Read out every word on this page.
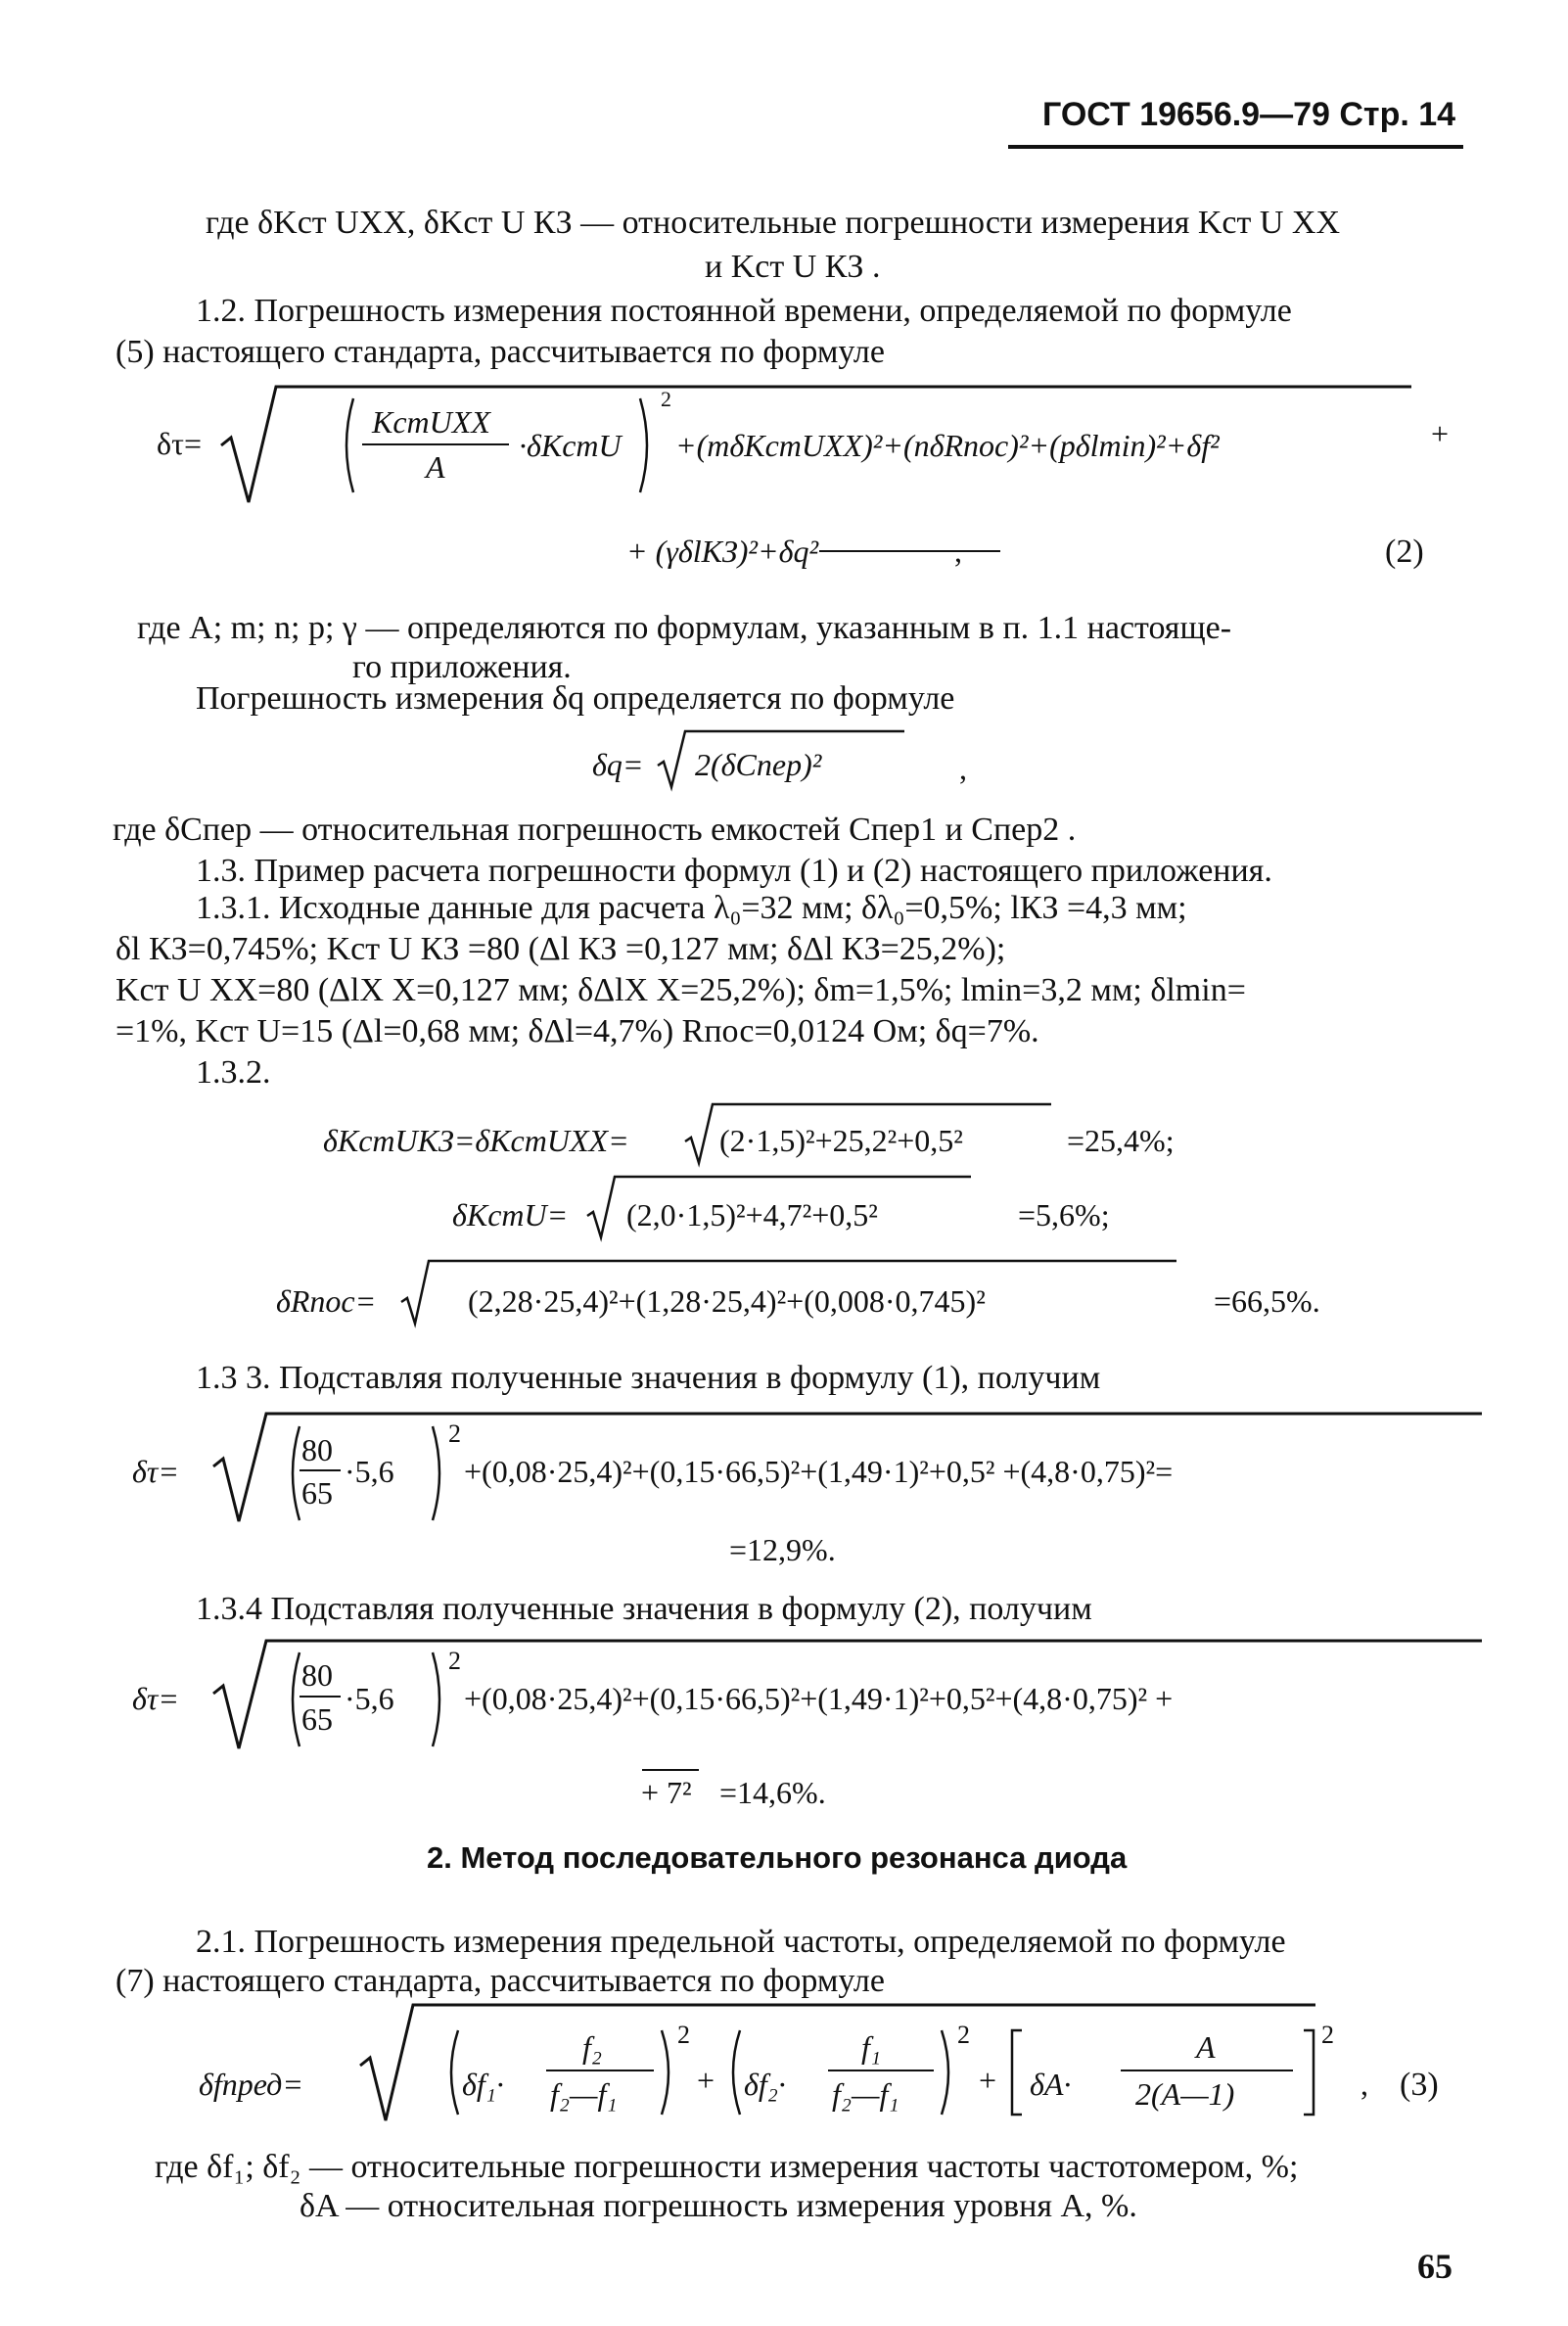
ГОСТ 19656.9—79 Стр. 14
где δKст UXX, δKст U КЗ — относительные погрешности измерения Kст U XX
и Kст U КЗ .
1.2. Погрешность измерения постоянной времени, определяемой по формуле
(5) настоящего стандарта, рассчитывается по формуле
δτ=
KстUXX
A
·δKстU
2
+(mδKстUXX)²+(nδRпос)²+(pδlmin)²+δf²	+
+ (γδlКЗ)²+δq²	,	(2)
где A; m; n; p; γ — определяются по формулам, указанным в п. 1.1 настояще-
го приложения.
Погрешность измерения δq определяется по формуле
δq= 2(δCпер)²	,
где δCпер — относительная погрешность емкостей Cпер1 и Cпер2 .
1.3. Пример расчета погрешности формул (1) и (2) настоящего приложения.
1.3.1. Исходные данные для расчета λ₀=32 мм; δλ₀=0,5%; lКЗ =4,3 мм;
δl КЗ=0,745%; Kст U КЗ =80 (Δl КЗ =0,127 мм; δΔl КЗ=25,2%);
Kст U XX=80 (ΔlX X=0,127 мм; δΔlX X=25,2%); δm=1,5%; lmin=3,2 мм; δlmin=
=1%, Kст U=15 (Δl=0,68 мм; δΔl=4,7%) Rпос=0,0124 Ом; δq=7%.
1.3.2.
δKстUКЗ=δKстUXX=	(2·1,5)²+25,2²+0,5²	=25,4%;
δKстU= (2,0·1,5)²+4,7²+0,5²	=5,6%;
δRпос=	(2,28·25,4)²+(1,28·25,4)²+(0,008·0,745)²	=66,5%.
1.3 3. Подставляя полученные значения в формулу (1), получим
δτ=
80
65
·5,6
2
+(0,08·25,4)²+(0,15·66,5)²+(1,49·1)²+0,5² +(4,8·0,75)²=
=12,9%.
1.3.4 Подставляя полученные значения в формулу (2), получим
δτ=
80
65
·5,6
2
+(0,08·25,4)²+(0,15·66,5)²+(1,49·1)²+0,5²+(4,8·0,75)² +
+ 7² =14,6%.
2. Метод последовательного резонанса диода
2.1. Погрешность измерения предельной частоты, определяемой по формуле
(7) настоящего стандарта, рассчитывается по формуле
δfпред=	δf₁·
f₂
f₂—f₁
2
+ δf₂·
f₁
f₂—f₁
2
+ δA·
A
2(A—1)
2
, (3)
где δf₁; δf₂ — относительные погрешности измерения частоты частотомером, %;
δA — относительная погрешность измерения уровня А, %.
65
